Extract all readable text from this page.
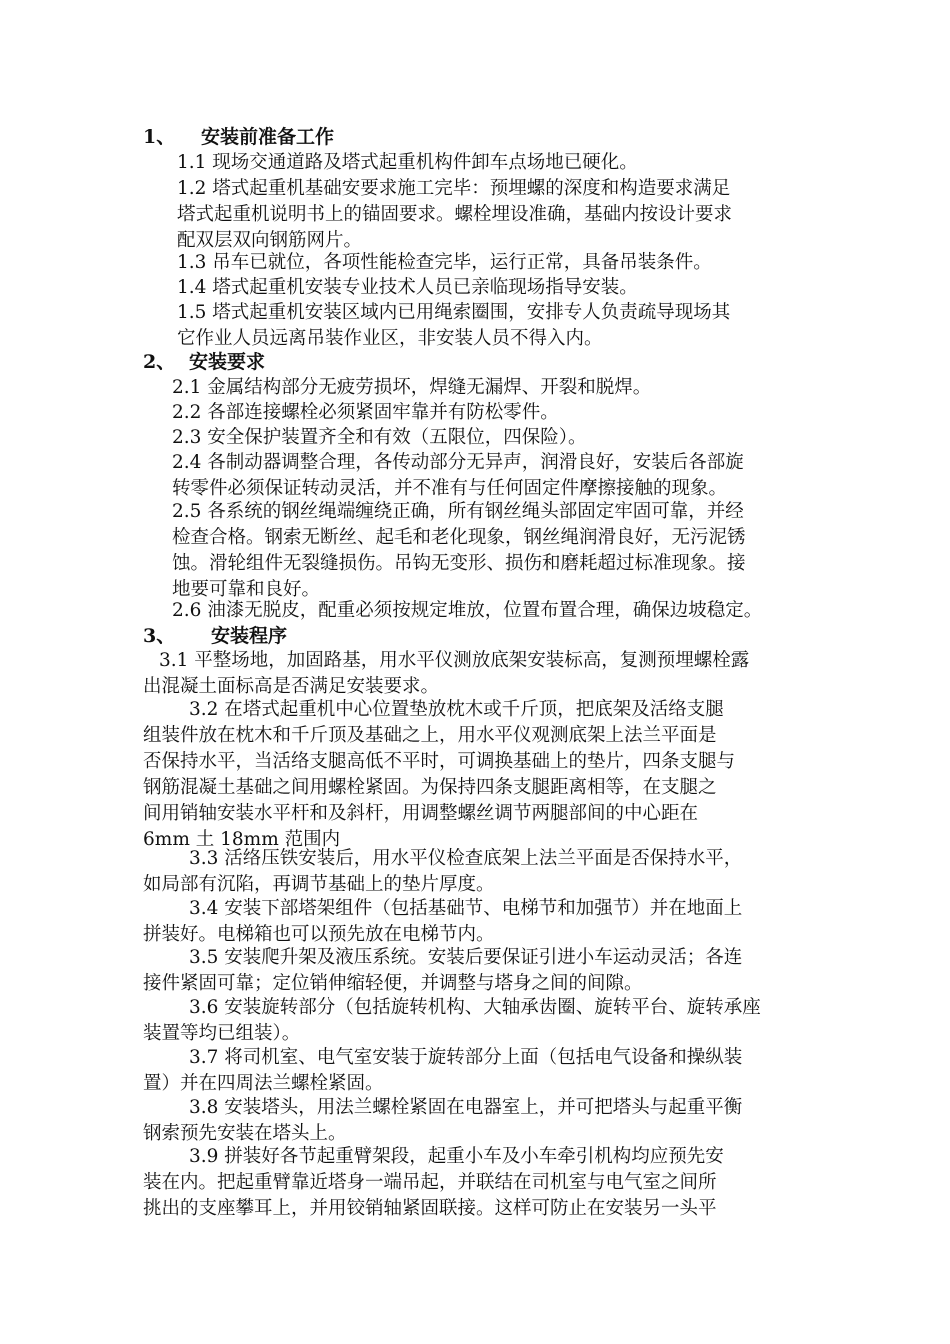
1、 安装前准备工作
1.1 现场交通道路及塔式起重机构件卸车点场地已硬化。
1.2 塔式起重机基础安要求施工完毕：预埋螺的深度和构造要求满足
塔式起重机说明书上的锚固要求。螺栓埋设准确，基础内按设计要求
配双层双向钢筋网片。
1.3 吊车已就位，各项性能检查完毕，运行正常，具备吊装条件。
1.4 塔式起重机安装专业技术人员已亲临现场指导安装。
1.5 塔式起重机安装区域内已用绳索圈围，安排专人负责疏导现场其
它作业人员远离吊装作业区，非安装人员不得入内。
2、 安装要求
2.1 金属结构部分无疲劳损坏，焊缝无漏焊、开裂和脱焊。
2.2 各部连接螺栓必须紧固牢靠并有防松零件。
2.3 安全保护装置齐全和有效（五限位，四保险）。
2.4 各制动器调整合理，各传动部分无异声，润滑良好，安装后各部旋
转零件必须保证转动灵活，并不准有与任何固定件摩擦接触的现象。
2.5 各系统的钢丝绳端缠绕正确，所有钢丝绳头部固定牢固可靠，并经
检查合格。钢索无断丝、起毛和老化现象，钢丝绳润滑良好，无污泥锈
蚀。滑轮组件无裂缝损伤。吊钩无变形、损伤和磨耗超过标准现象。接
地要可靠和良好。
2.6 油漆无脱皮，配重必须按规定堆放，位置布置合理，确保边坡稳定。
3、 安装程序
3.1 平整场地，加固路基，用水平仪测放底架安装标高，复测预埋螺栓露
出混凝土面标高是否满足安装要求。
3.2 在塔式起重机中心位置垫放枕木或千斤顶，把底架及活络支腿
组装件放在枕木和千斤顶及基础之上，用水平仪观测底架上法兰平面是
否保持水平，当活络支腿高低不平时，可调换基础上的垫片，四条支腿与
钢筋混凝土基础之间用螺栓紧固。为保持四条支腿距离相等，在支腿之
间用销轴安装水平杆和及斜杆，用调整螺丝调节两腿部间的中心距在
6mm 土 18mm 范围内
3.3 活络压铁安装后，用水平仪检查底架上法兰平面是否保持水平，
如局部有沉陷，再调节基础上的垫片厚度。
3.4 安装下部塔架组件（包括基础节、电梯节和加强节）并在地面上
拼装好。电梯箱也可以预先放在电梯节内。
3.5 安装爬升架及液压系统。安装后要保证引进小车运动灵活；各连
接件紧固可靠；定位销伸缩轻便，并调整与塔身之间的间隙。
3.6 安装旋转部分（包括旋转机构、大轴承齿圈、旋转平台、旋转承座
装置等均已组装）。
3.7 将司机室、电气室安装于旋转部分上面（包括电气设备和操纵装
置）并在四周法兰螺栓紧固。
3.8 安装塔头，用法兰螺栓紧固在电器室上，并可把塔头与起重平衡
钢索预先安装在塔头上。
3.9 拼装好各节起重臂架段，起重小车及小车牵引机构均应预先安
装在内。把起重臂靠近塔身一端吊起，并联结在司机室与电气室之间所
挑出的支座攀耳上，并用铰销轴紧固联接。这样可防止在安装另一头平
